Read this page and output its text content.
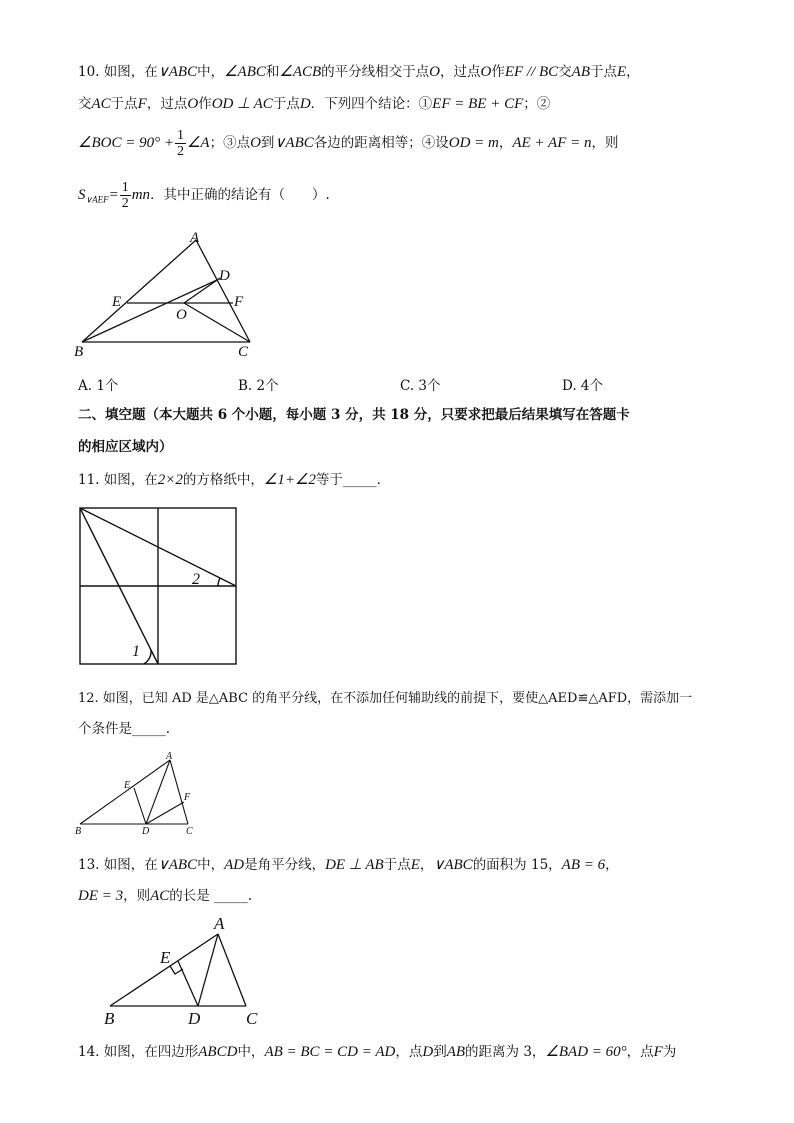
10. 如图，在∨ABC中，∠ABC和∠ACB的平分线相交于点O，过点O作EF // BC交AB于点E，
交AC于点F，过点O作OD ⊥ AC于点D．下列四个结论：①EF = BE + CF；②
∠BOC = $90^\circ + \frac{1}{2}$ ∠A；③点O到∨ABC各边的距离相等；④设OD = m，AE + AF = n，则
$S_{\vee AEF}= \frac{1}{2}$ mn．其中正确的结论有（　　）.
A
D
E	F
O
B	C
A. 1个	B. 2个	C. 3个	D. 4个
二、填空题（本大题共 6 个小题，每小题 3 分，共 18 分，只要求把最后结果填写在答题卡
的相应区域内）
11. 如图，在2×2的方格纸中，∠1+∠2等于_____．
2
1
12. 如图，已知 AD 是△ABC 的角平分线，在不添加任何辅助线的前提下，要使△AED≌△AFD，需添加一
个条件是_____.
A
E
F
B	D	C
13. 如图，在∨ABC中，AD是角平分线，DE ⊥ AB于点E，∨ABC的面积为 15，AB = 6，
DE = 3，则AC的长是 _____.
A
E
B	D	C
14. 如图，在四边形ABCD中，AB = BC = CD = AD，点D到AB的距离为 3，∠BAD = 60°，点F为
